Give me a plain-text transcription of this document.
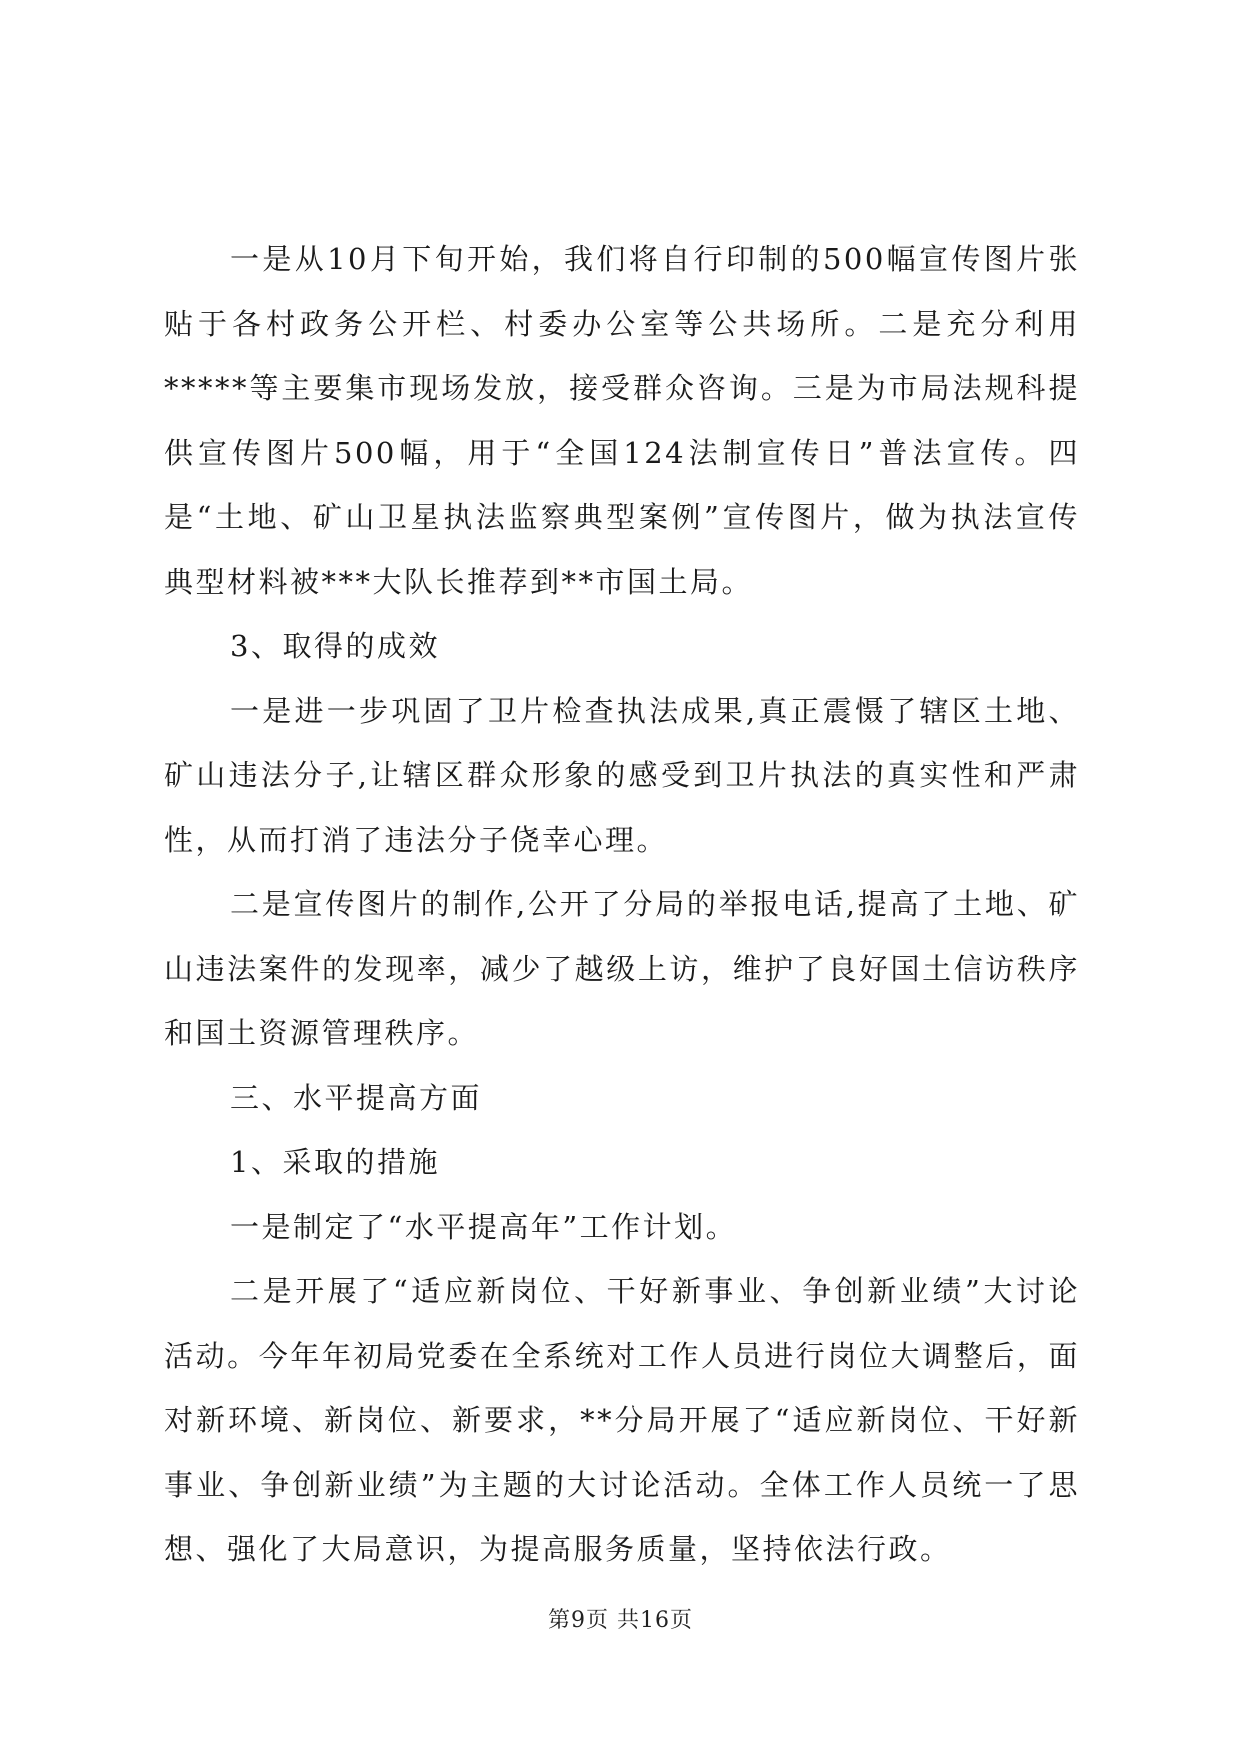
一是从10月下旬开始，我们将自行印制的500幅宣传图片张贴于各村政务公开栏、村委办公室等公共场所。二是充分利用*****等主要集市现场发放，接受群众咨询。三是为市局法规科提供宣传图片500幅，用于“全国124法制宣传日”普法宣传。四是“土地、矿山卫星执法监察典型案例”宣传图片，做为执法宣传典型材料被***大队长推荐到**市国土局。

3、取得的成效

一是进一步巩固了卫片检查执法成果,真正震慑了辖区土地、矿山违法分子,让辖区群众形象的感受到卫片执法的真实性和严肃性，从而打消了违法分子侥幸心理。

二是宣传图片的制作,公开了分局的举报电话,提高了土地、矿山违法案件的发现率，减少了越级上访，维护了良好国土信访秩序和国土资源管理秩序。

三、水平提高方面

1、采取的措施

一是制定了“水平提高年”工作计划。

二是开展了“适应新岗位、干好新事业、争创新业绩”大讨论活动。今年年初局党委在全系统对工作人员进行岗位大调整后，面对新环境、新岗位、新要求，**分局开展了“适应新岗位、干好新事业、争创新业绩”为主题的大讨论活动。全体工作人员统一了思想、强化了大局意识，为提高服务质量，坚持依法行政。

第9页 共16页
